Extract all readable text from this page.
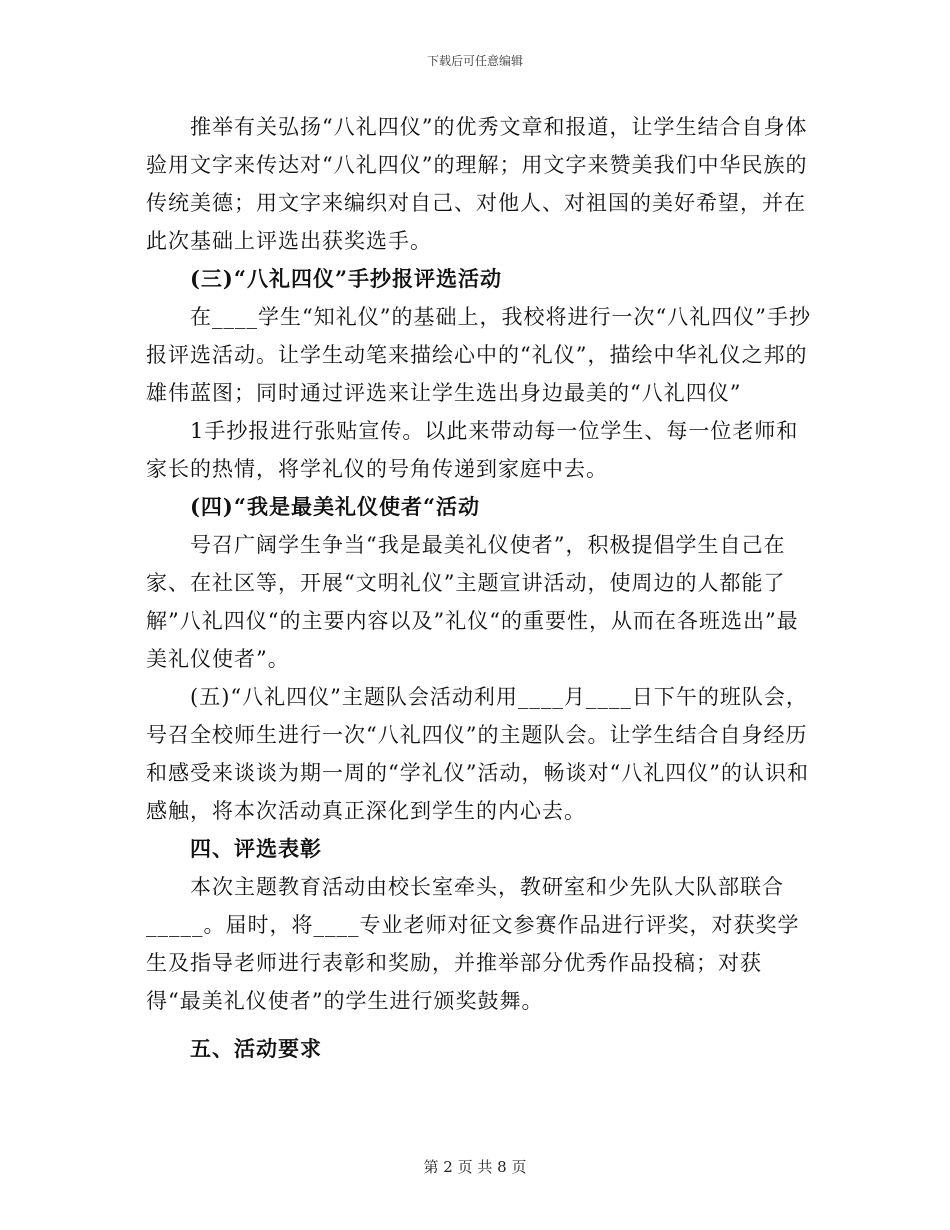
下载后可任意编辑

推举有关弘扬“八礼四仪”的优秀文章和报道，让学生结合自身体验用文字来传达对“八礼四仪”的理解；用文字来赞美我们中华民族的传统美德；用文字来编织对自己、对他人、对祖国的美好希望，并在此次基础上评选出获奖选手。

(三)“八礼四仪”手抄报评选活动

在____学生“知礼仪”的基础上，我校将进行一次“八礼四仪”手抄报评选活动。让学生动笔来描绘心中的“礼仪”，描绘中华礼仪之邦的雄伟蓝图；同时通过评选来让学生选出身边最美的“八礼四仪”

1手抄报进行张贴宣传。以此来带动每一位学生、每一位老师和家长的热情，将学礼仪的号角传递到家庭中去。

(四)“我是最美礼仪使者“活动

号召广阔学生争当“我是最美礼仪使者”，积极提倡学生自己在家、在社区等，开展“文明礼仪”主题宣讲活动，使周边的人都能了解”八礼四仪“的主要内容以及”礼仪“的重要性，从而在各班选出”最美礼仪使者”。

(五)“八礼四仪”主题队会活动利用____月____日下午的班队会，号召全校师生进行一次“八礼四仪”的主题队会。让学生结合自身经历和感受来谈谈为期一周的“学礼仪”活动，畅谈对“八礼四仪”的认识和感触，将本次活动真正深化到学生的内心去。

四、评选表彰

本次主题教育活动由校长室牵头，教研室和少先队大队部联合_____。届时，将____专业老师对征文参赛作品进行评奖，对获奖学生及指导老师进行表彰和奖励，并推举部分优秀作品投稿；对获得“最美礼仪使者”的学生进行颁奖鼓舞。

五、活动要求

第 2 页 共 8 页
